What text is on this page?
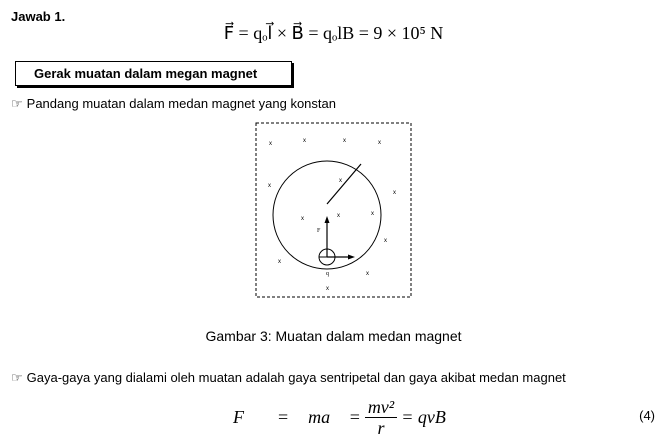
Jawab 1.
F⃗ = qₒl⃗ × B⃗ = qₒlB = 9 × 10⁵ N
Gerak muatan dalam megan magnet
☞ Pandang muatan dalam medan magnet yang konstan
F
q
x	x	x	x
x
x
x
x	x	x
x
x
x
x
Gambar 3: Muatan dalam medan magnet
☞ Gaya-gaya yang dialami oleh muatan adalah gaya sentripetal dan gaya akibat medan magnet
F⃗ = ma⃗ = $\frac{\text{mv²}}{r}$ = qvB⃗	(4)
